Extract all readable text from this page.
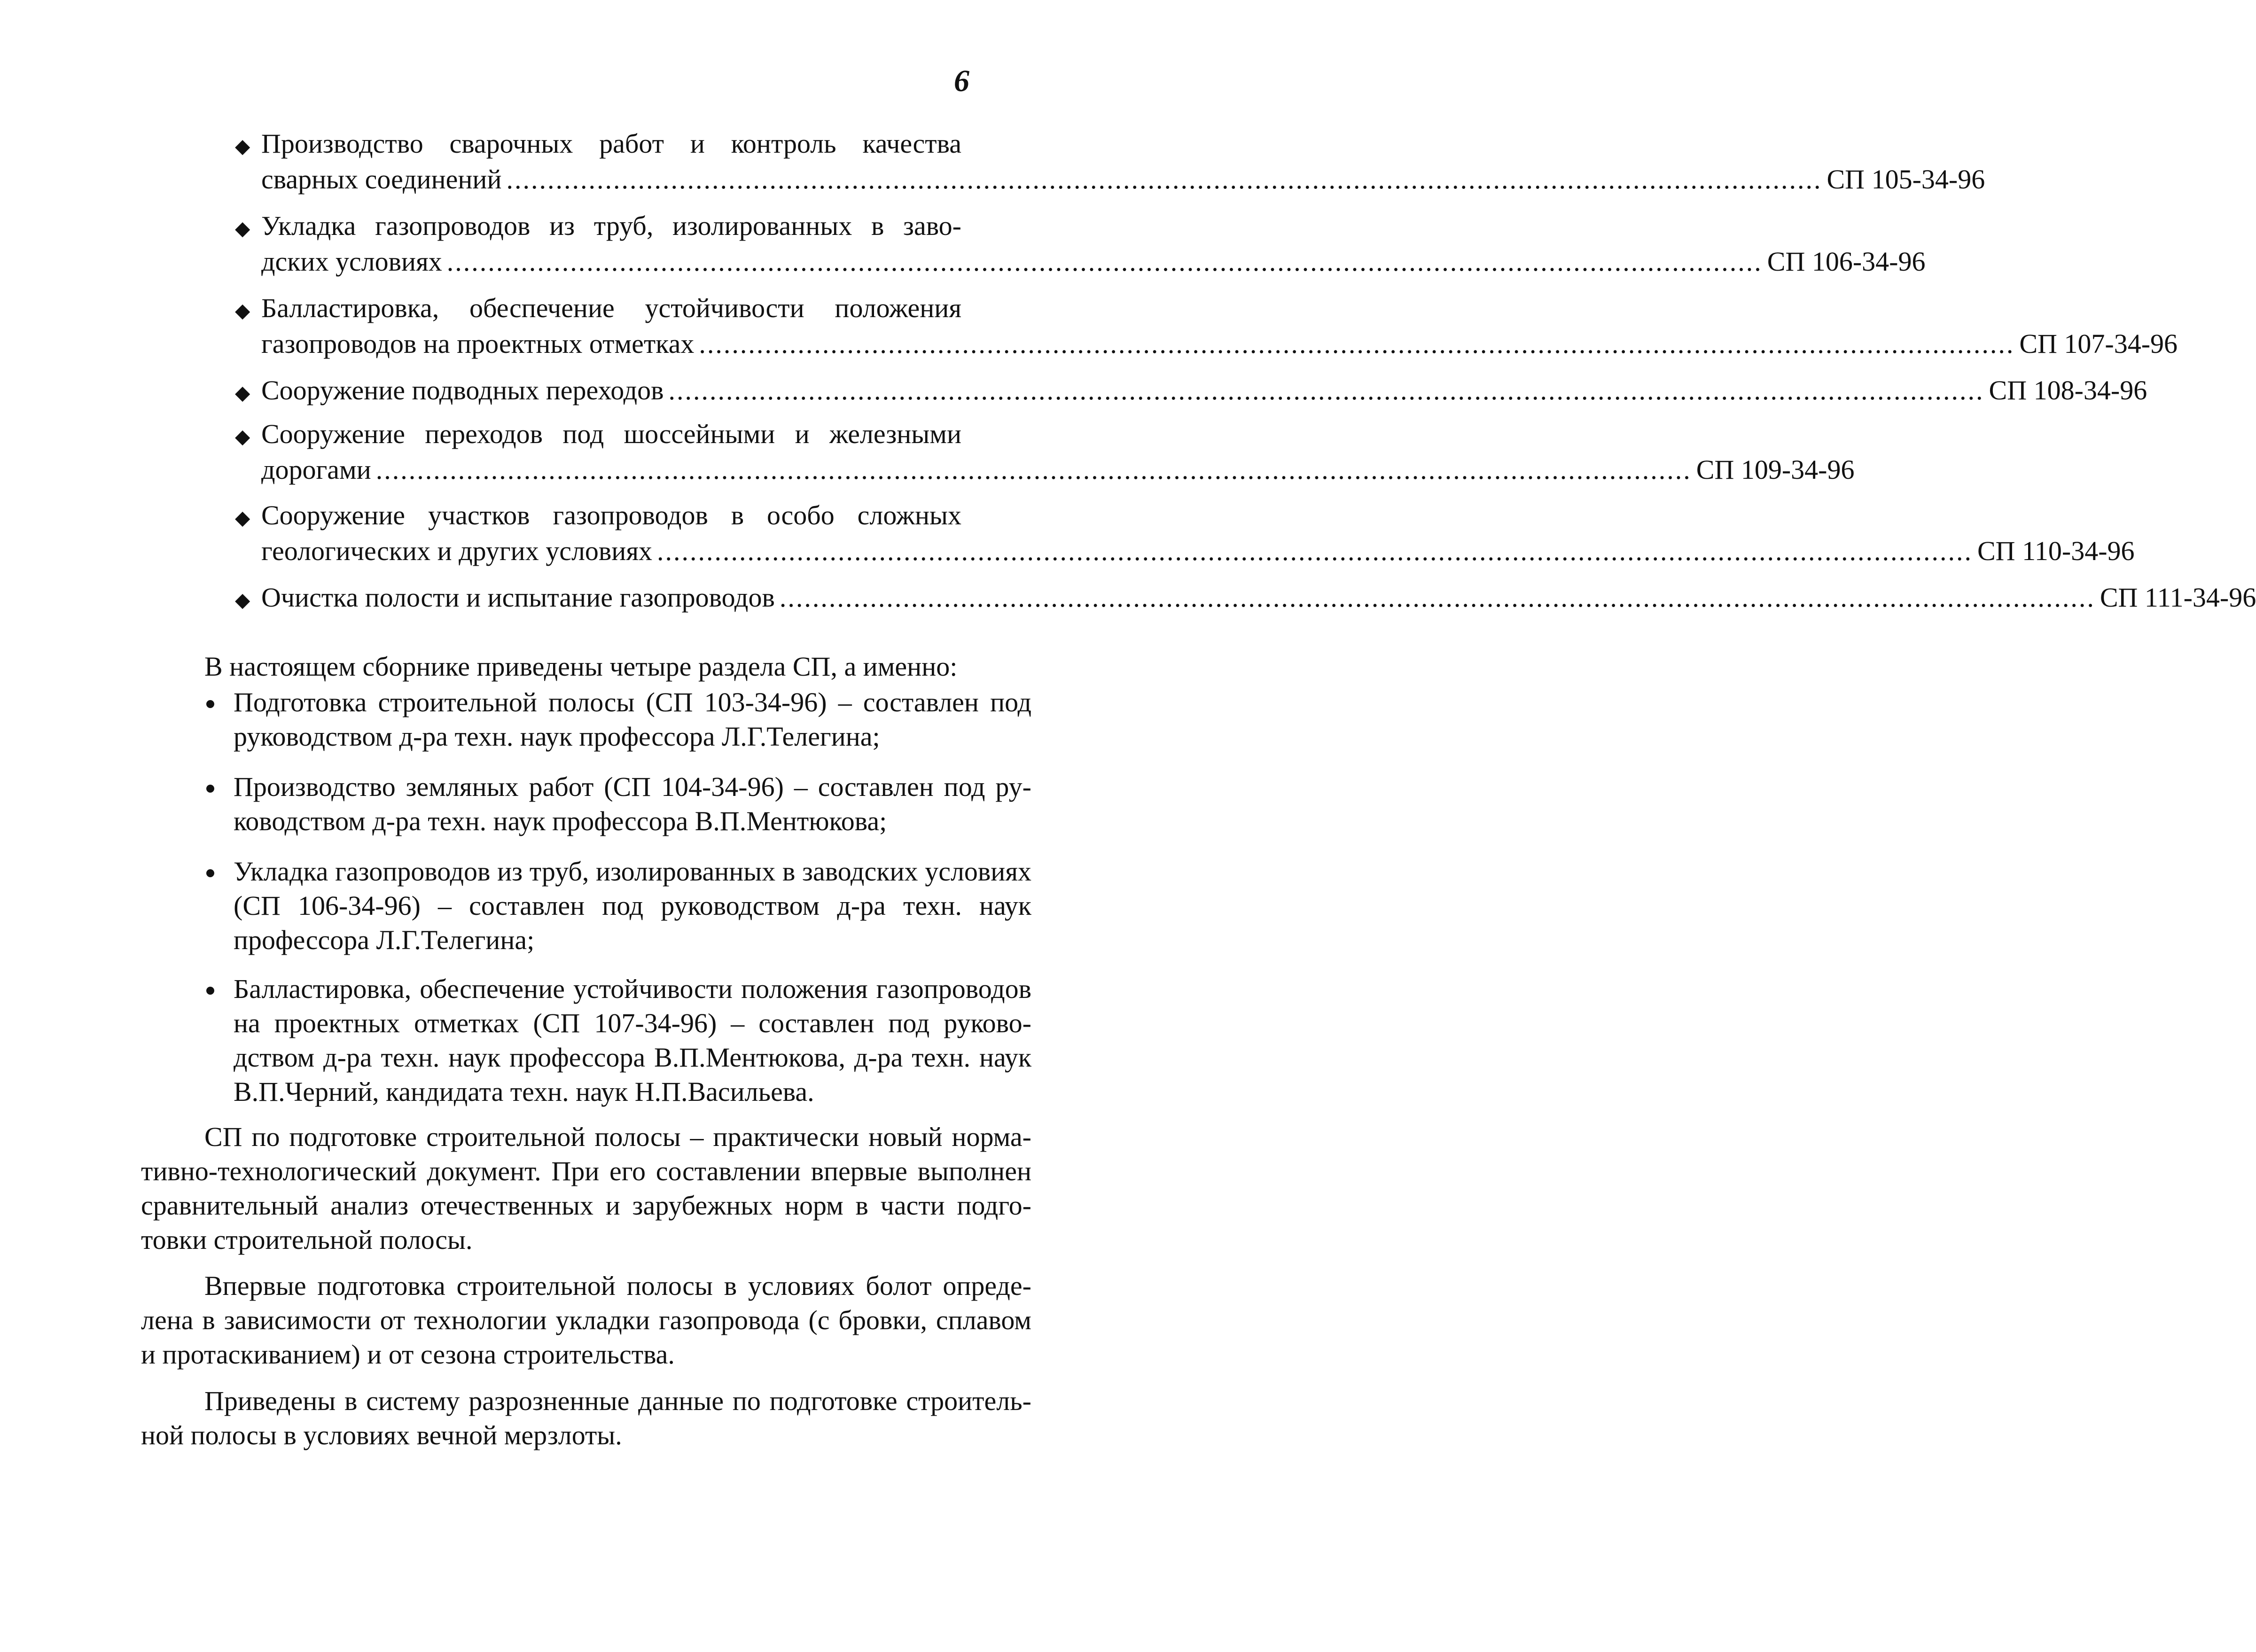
6
◆ Производство сварочных работ и контроль качества
сварных соединений ................................................................................................................................................................ СП 105-34-96
◆ Укладка газопроводов из труб, изолированных в заво-
дских условиях ................................................................................................................................................................ СП 106-34-96
◆ Балластировка, обеспечение устойчивости положения
газопроводов на проектных отметках ................................................................................................................................................................ СП 107-34-96
◆ Сооружение подводных переходов ................................................................................................................................................................ СП 108-34-96
◆ Сооружение переходов под шоссейными и железными
дорогами ................................................................................................................................................................ СП 109-34-96
◆ Сооружение участков газопроводов в особо сложных
геологических и других условиях ................................................................................................................................................................ СП 110-34-96
◆ Очистка полости и испытание газопроводов ................................................................................................................................................................ СП 111-34-96
В настоящем сборнике приведены четыре раздела СП, а именно:
Подготовка строительной полосы (СП 103-34-96) – составлен под руководством д-ра техн. наук профессора Л.Г.Телегина;
Производство земляных работ (СП 104-34-96) – составлен под руководством д-ра техн. наук профессора В.П.Ментюкова;
Укладка газопроводов из труб, изолированных в заводских условиях (СП 106-34-96) – составлен под руководством д-ра техн. наук профессора Л.Г.Телегина;
Балластировка, обеспечение устойчивости положения газопроводов на проектных отметках (СП 107-34-96) – составлен под руководством д-ра техн. наук профессора В.П.Ментюкова, д-ра техн. наук В.П.Черний, кандидата техн. наук Н.П.Васильева.
СП по подготовке строительной полосы – практически новый нормативно-технологический документ. При его составлении впервые выполнен сравнительный анализ отечественных и зарубежных норм в части подготовки строительной полосы.
Впервые подготовка строительной полосы в условиях болот определена в зависимости от технологии укладки газопровода (с бровки, сплавом и протаскиванием) и от сезона строительства.
Приведены в систему разрозненные данные по подготовке строительной полосы в условиях вечной мерзлоты.
